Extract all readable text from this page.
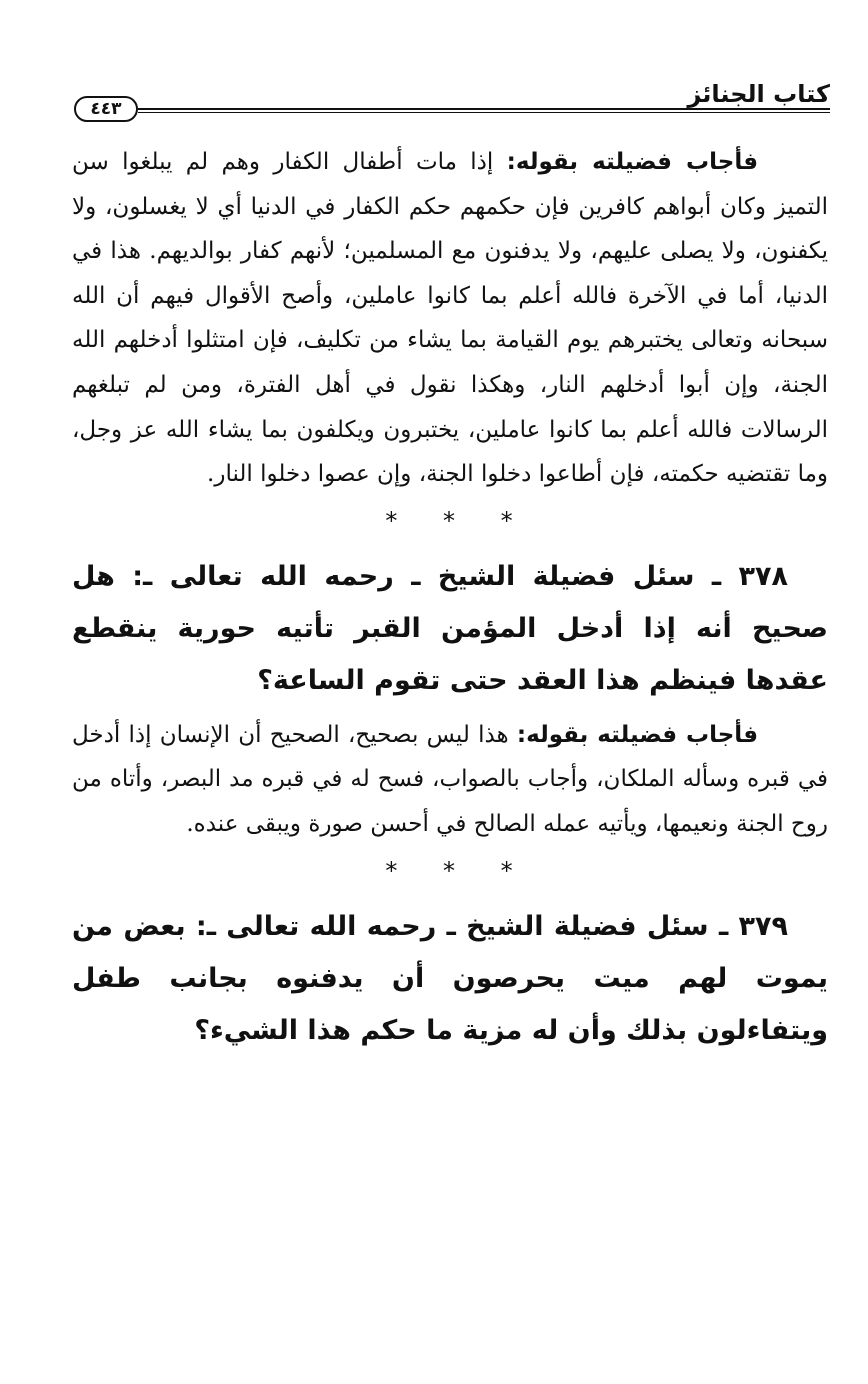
كتاب الجنائز
٤٤٣

فأجاب فضيلته بقوله: إذا مات أطفال الكفار وهم لم يبلغوا سن التميز وكان أبواهم كافرين فإن حكمهم حكم الكفار في الدنيا أي لا يغسلون، ولا يكفنون، ولا يصلى عليهم، ولا يدفنون مع المسلمين؛ لأنهم كفار بوالديهم. هذا في الدنيا، أما في الآخرة فالله أعلم بما كانوا عاملين، وأصح الأقوال فيهم أن الله سبحانه وتعالى يختبرهم يوم القيامة بما يشاء من تكليف، فإن امتثلوا أدخلهم الله الجنة، وإن أبوا أدخلهم النار، وهكذا نقول في أهل الفترة، ومن لم تبلغهم الرسالات فالله أعلم بما كانوا عاملين، يختبرون ويكلفون بما يشاء الله عز وجل، وما تقتضيه حكمته، فإن أطاعوا دخلوا الجنة، وإن عصوا دخلوا النار.

* * *

٣٧٨ ـ سئل فضيلة الشيخ ـ رحمه الله تعالى ـ: هل صحيح أنه إذا أدخل المؤمن القبر تأتيه حورية ينقطع عقدها فينظم هذا العقد حتى تقوم الساعة؟

فأجاب فضيلته بقوله: هذا ليس بصحيح، الصحيح أن الإنسان إذا أدخل في قبره وسأله الملكان، وأجاب بالصواب، فسح له في قبره مد البصر، وأتاه من روح الجنة ونعيمها، ويأتيه عمله الصالح في أحسن صورة ويبقى عنده.

* * *

٣٧٩ ـ سئل فضيلة الشيخ ـ رحمه الله تعالى ـ: بعض من يموت لهم ميت يحرصون أن يدفنوه بجانب طفل ويتفاءلون بذلك وأن له مزية ما حكم هذا الشيء؟
